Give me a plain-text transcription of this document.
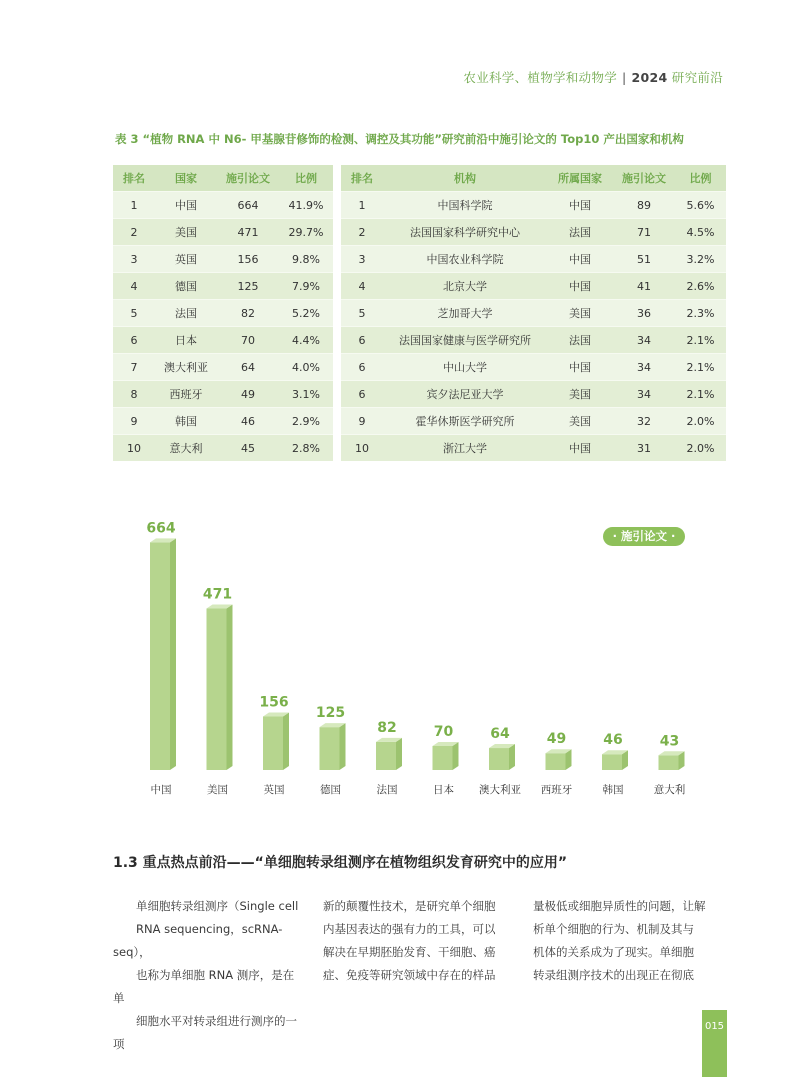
农业科学、植物学和动物学 | 2024 研究前沿
表 3 “植物 RNA 中 N6- 甲基腺苷修饰的检测、调控及其功能”研究前沿中施引论文的 Top10 产出国家和机构
排名	国家	施引论文	比例
1	中国	664	41.9%
2	美国	471	29.7%
3	英国	156	9.8%
4	德国	125	7.9%
5	法国	82	5.2%
6	日本	70	4.4%
7	澳大利亚	64	4.0%
8	西班牙	49	3.1%
9	韩国	46	2.9%
10	意大利	45	2.8%
排名	机构	所属国家	施引论文	比例
1	中国科学院	中国	89	5.6%
2	法国国家科学研究中心	法国	71	4.5%
3	中国农业科学院	中国	51	3.2%
4	北京大学	中国	41	2.6%
5	芝加哥大学	美国	36	2.3%
6	法国国家健康与医学研究所	法国	34	2.1%
6	中山大学	中国	34	2.1%
6	宾夕法尼亚大学	美国	34	2.1%
9	霍华休斯医学研究所	美国	32	2.0%
10	浙江大学	中国	31	2.0%
664
中国
471
美国
156
英国
125
德国
82
法国
70
日本
64
澳大利亚
49
西班牙
46
韩国
43
意大利
· 施引论文 ·
1.3 重点热点前沿——“单细胞转录组测序在植物组织发育研究中的应用”

单细胞转录组测序（Single cell

RNA sequencing，scRNA-seq），

也称为单细胞 RNA 测序，是在单

细胞水平对转录组进行测序的一项

新的颠覆性技术，是研究单个细胞

内基因表达的强有力的工具，可以

解决在早期胚胎发育、干细胞、癌

症、免疫等研究领域中存在的样品

量极低或细胞异质性的问题，让解

析单个细胞的行为、机制及其与

机体的关系成为了现实。单细胞

转录组测序技术的出现正在彻底

015
